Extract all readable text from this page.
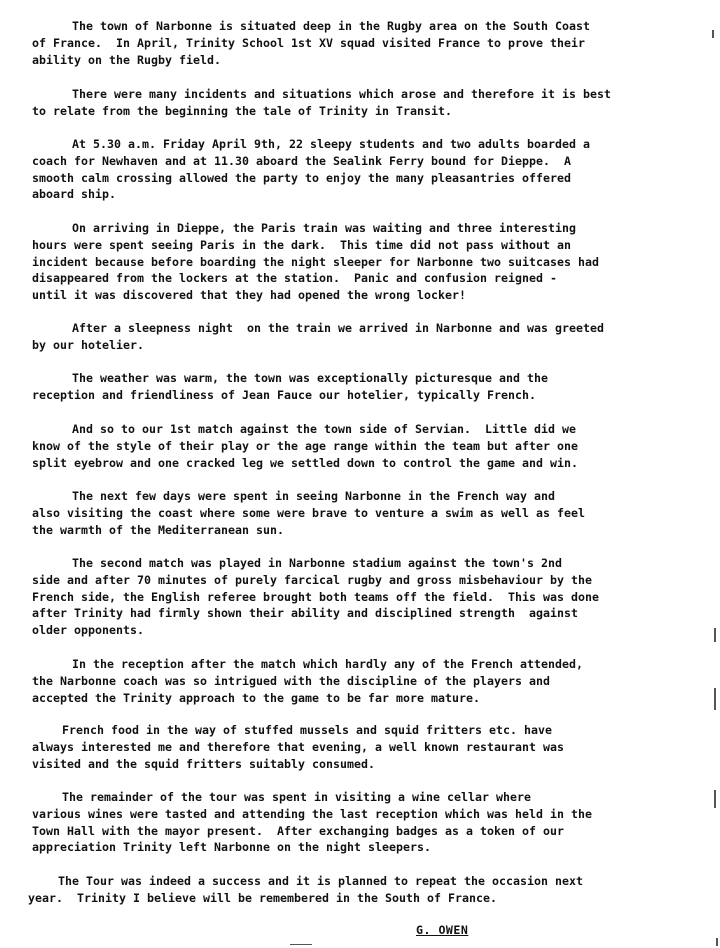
The town of Narbonne is situated deep in the Rugby area on the South Coast
of France.  In April, Trinity School 1st XV squad visited France to prove their
ability on the Rugby field.
There were many incidents and situations which arose and therefore it is best
to relate from the beginning the tale of Trinity in Transit.
At 5.30 a.m. Friday April 9th, 22 sleepy students and two adults boarded a
coach for Newhaven and at 11.30 aboard the Sealink Ferry bound for Dieppe.  A
smooth calm crossing allowed the party to enjoy the many pleasantries offered
aboard ship.
On arriving in Dieppe, the Paris train was waiting and three interesting
hours were spent seeing Paris in the dark.  This time did not pass without an
incident because before boarding the night sleeper for Narbonne two suitcases had
disappeared from the lockers at the station.  Panic and confusion reigned -
until it was discovered that they had opened the wrong locker!
After a sleepness night  on the train we arrived in Narbonne and was greeted
by our hotelier.
The weather was warm, the town was exceptionally picturesque and the
reception and friendliness of Jean Fauce our hotelier, typically French.
And so to our 1st match against the town side of Servian.  Little did we
know of the style of their play or the age range within the team but after one
split eyebrow and one cracked leg we settled down to control the game and win.
The next few days were spent in seeing Narbonne in the French way and
also visiting the coast where some were brave to venture a swim as well as feel
the warmth of the Mediterranean sun.
The second match was played in Narbonne stadium against the town's 2nd
side and after 70 minutes of purely farcical rugby and gross misbehaviour by the
French side, the English referee brought both teams off the field.  This was done
after Trinity had firmly shown their ability and disciplined strength  against
older opponents.
In the reception after the match which hardly any of the French attended,
the Narbonne coach was so intrigued with the discipline of the players and
accepted the Trinity approach to the game to be far more mature.
French food in the way of stuffed mussels and squid fritters etc. have
always interested me and therefore that evening, a well known restaurant was
visited and the squid fritters suitably consumed.
The remainder of the tour was spent in visiting a wine cellar where
various wines were tasted and attending the last reception which was held in the
Town Hall with the mayor present.  After exchanging badges as a token of our
appreciation Trinity left Narbonne on the night sleepers.
The Tour was indeed a success and it is planned to repeat the occasion next
year.  Trinity I believe will be remembered in the South of France.
G. OWEN
